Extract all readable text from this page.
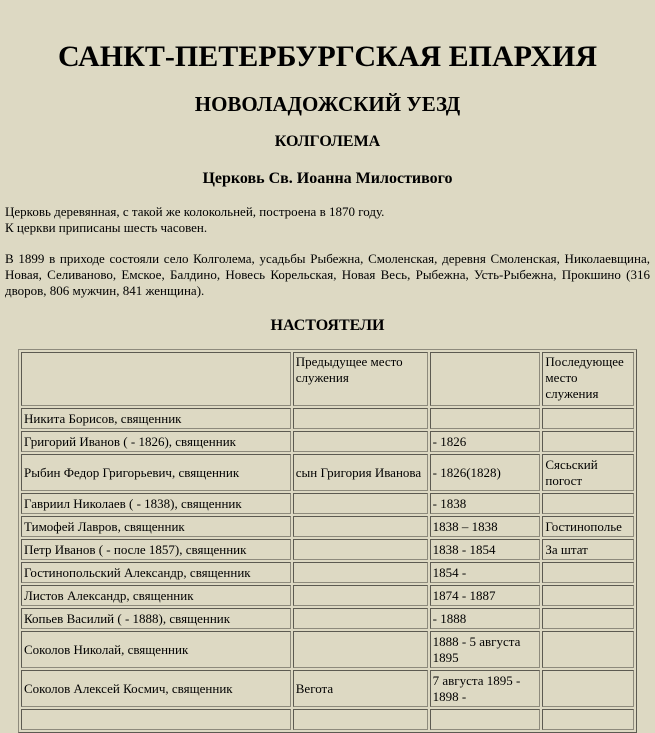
САНКТ-ПЕТЕРБУРГСКАЯ ЕПАРХИЯ
НОВОЛАДОЖСКИЙ УЕЗД
КОЛГОЛЕМА
Церковь Св. Иоанна Милостивого

Церковь деревянная, с такой же колокольней, построена в 1870 году.
К церкви приписаны шесть часовен.

В 1899 в приходе состояли село Колголема, усадьбы Рыбежна, Смоленская, деревня Смоленская, Николаевщина, Новая, Селиваново, Емское, Балдино, Новесь Корельская, Новая Весь, Рыбежна, Усть-Рыбежна, Прокшино (316 дворов, 806 мужчин, 841 женщина).

НАСТОЯТЕЛИ
	Предыдущее место служения		Последующее место служения
Никита Борисов, священник			
Григорий Иванов ( - 1826), священник		- 1826	
Рыбин Федор Григорьевич, священник	сын Григория Иванова	- 1826(1828)	Сясьский погост
Гавриил Николаев ( - 1838), священник		- 1838	
Тимофей Лавров, священник		1838 – 1838	Гостинополье
Петр Иванов ( - после 1857), священник		1838 - 1854	За штат
Гостинопольский Александр, священник		1854 -	
Листов Александр, священник		1874 - 1887	
Копьев Василий ( - 1888), священник		- 1888	
Соколов Николай, священник		1888 - 5 августа 1895	
Соколов Алексей Космич, священник	Вегота	7 августа 1895 - 1898 -	
